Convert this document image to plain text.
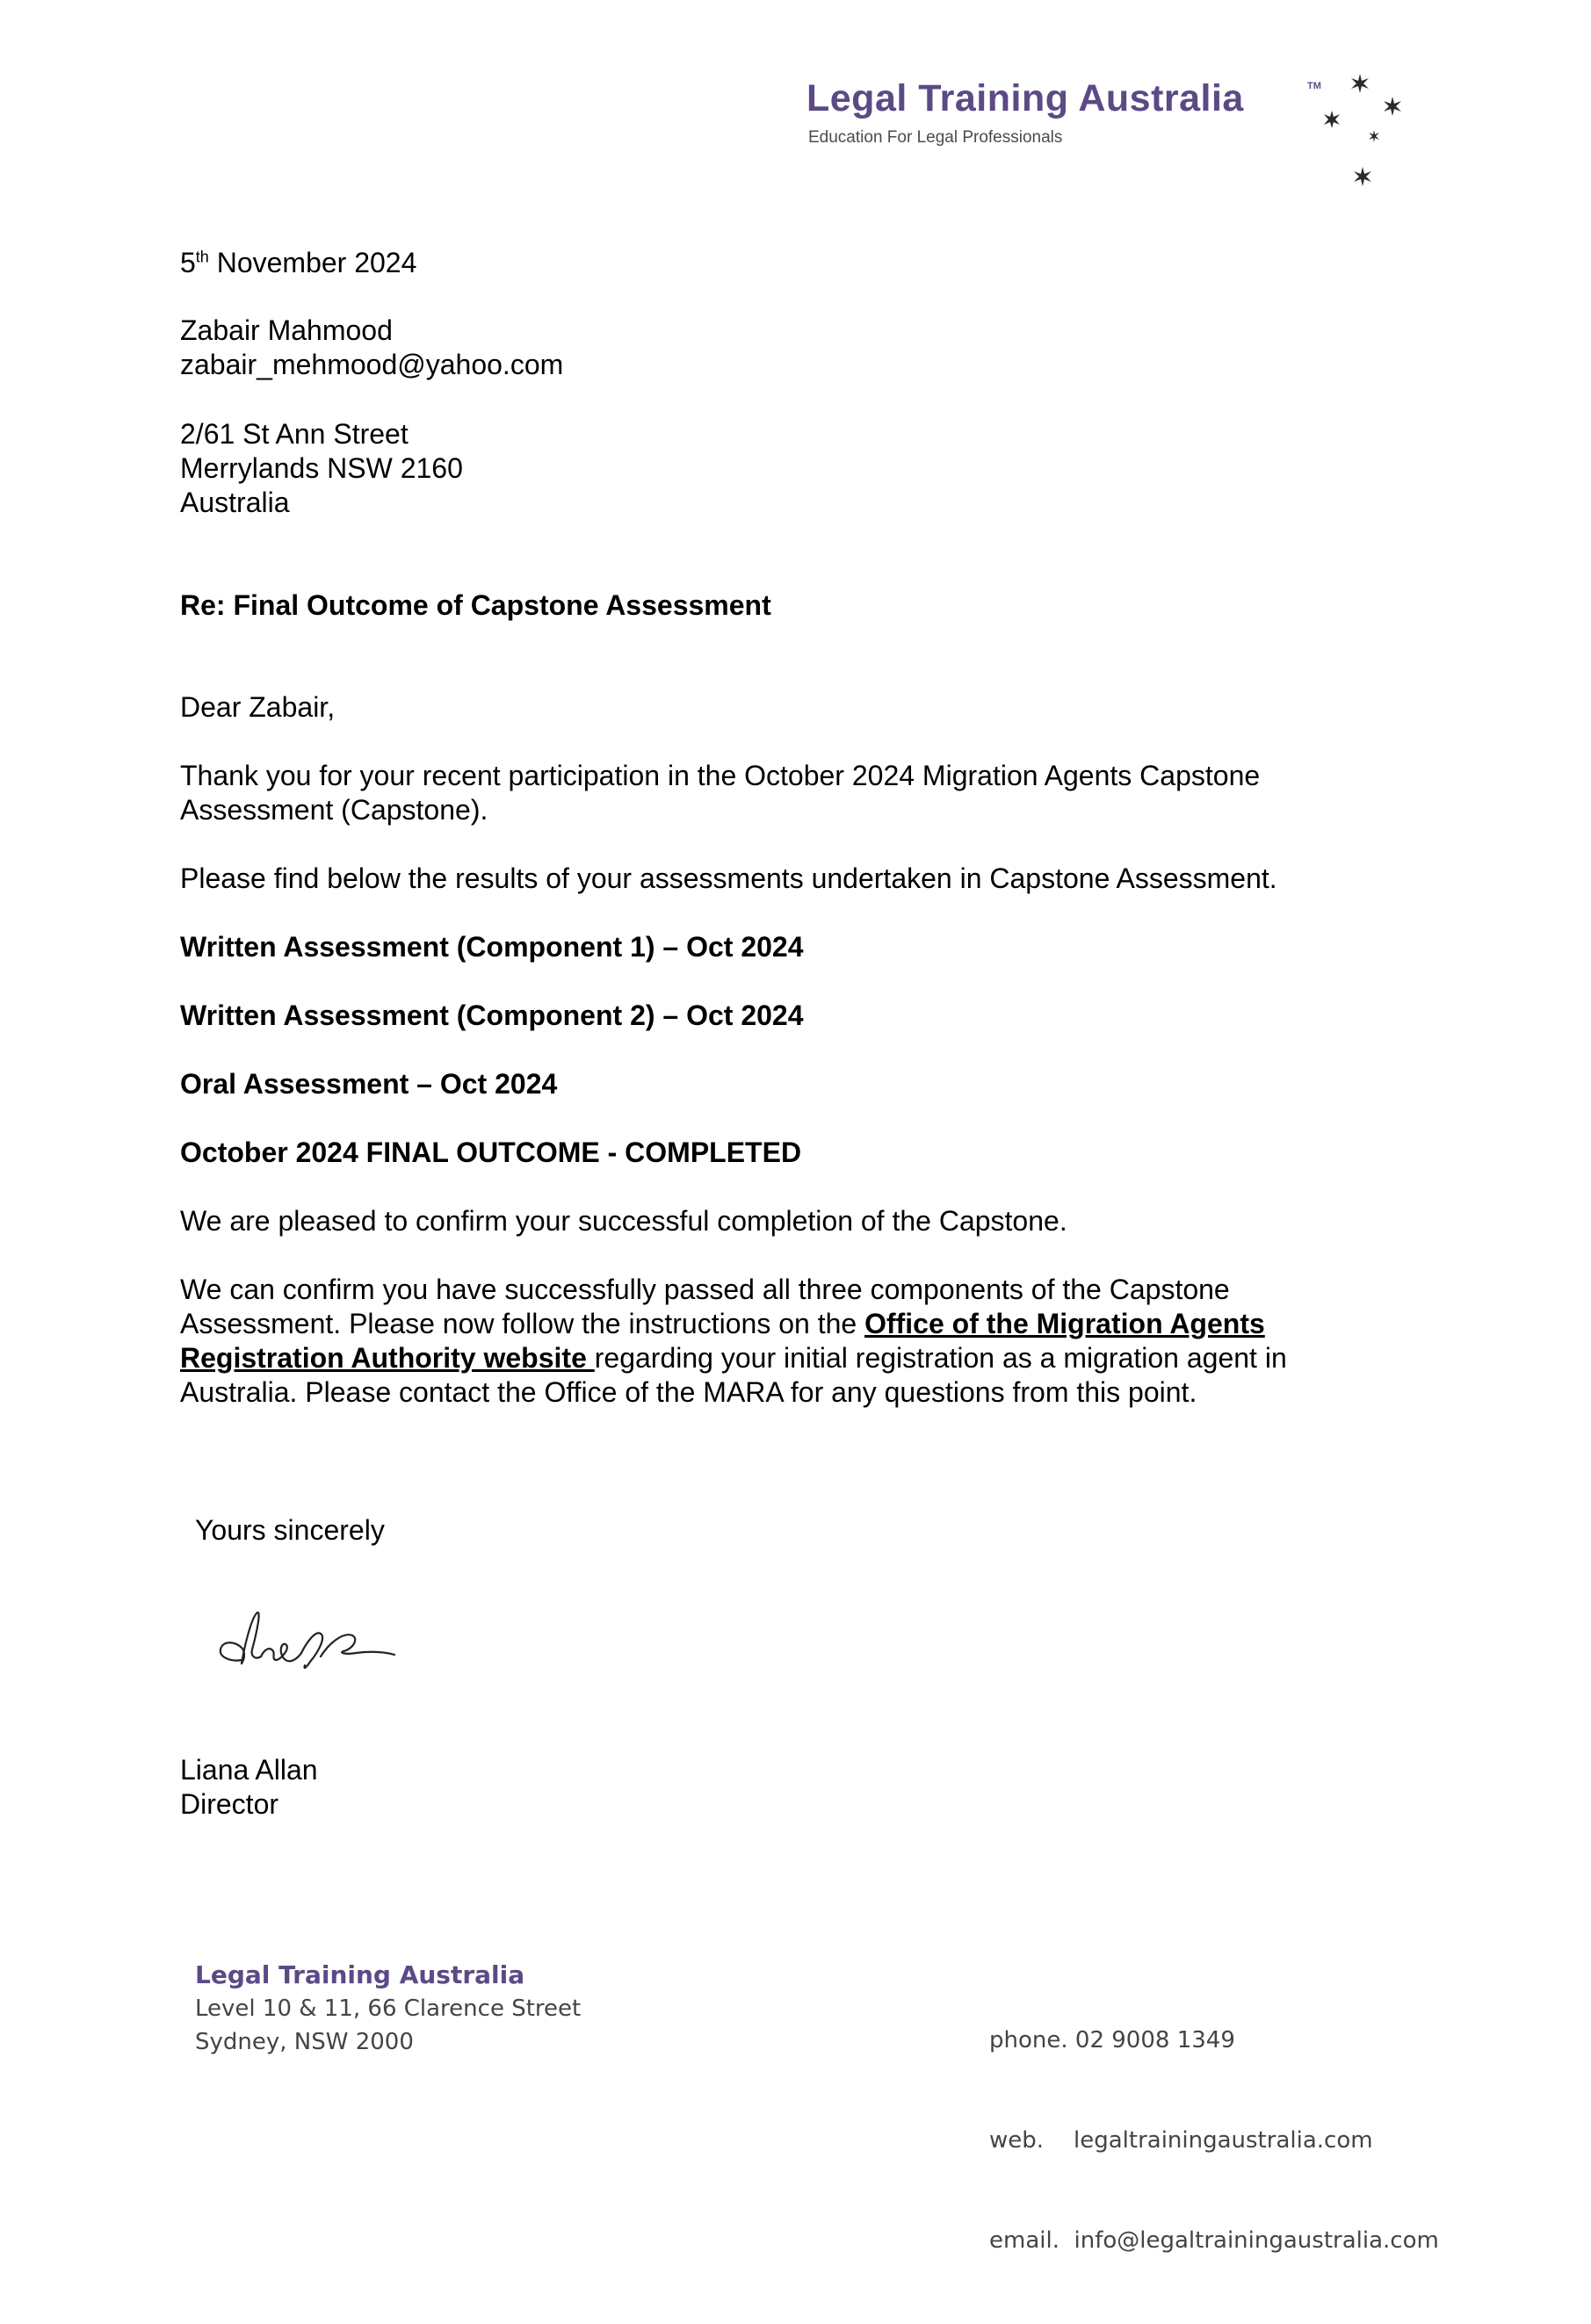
Legal Training Australia	TM
Education For Legal Professionals
5th November 2024
Zabair Mahmood
zabair_mehmood@yahoo.com
2/61 St Ann Street
Merrylands NSW 2160
Australia
Re: Final Outcome of Capstone Assessment
Dear Zabair,
Thank you for your recent participation in the October 2024 Migration Agents Capstone
Assessment (Capstone).
Please find below the results of your assessments undertaken in Capstone Assessment.
Written Assessment (Component 1) – Oct 2024
Written Assessment (Component 2) – Oct 2024
Oral Assessment – Oct 2024
October 2024 FINAL OUTCOME - COMPLETED
We are pleased to confirm your successful completion of the Capstone.
We can confirm you have successfully passed all three components of the Capstone
Assessment. Please now follow the instructions on the Office of the Migration Agents
Registration Authority website regarding your initial registration as a migration agent in
Australia. Please contact the Office of the MARA for any questions from this point.
Yours sincerely
Liana Allan
Director
Legal Training Australia
Level 10 & 11, 66 Clarence Street
Sydney, NSW 2000

	phone. 02 9008 1349

web. legaltrainingaustralia.com

email. info@legaltrainingaustralia.com
